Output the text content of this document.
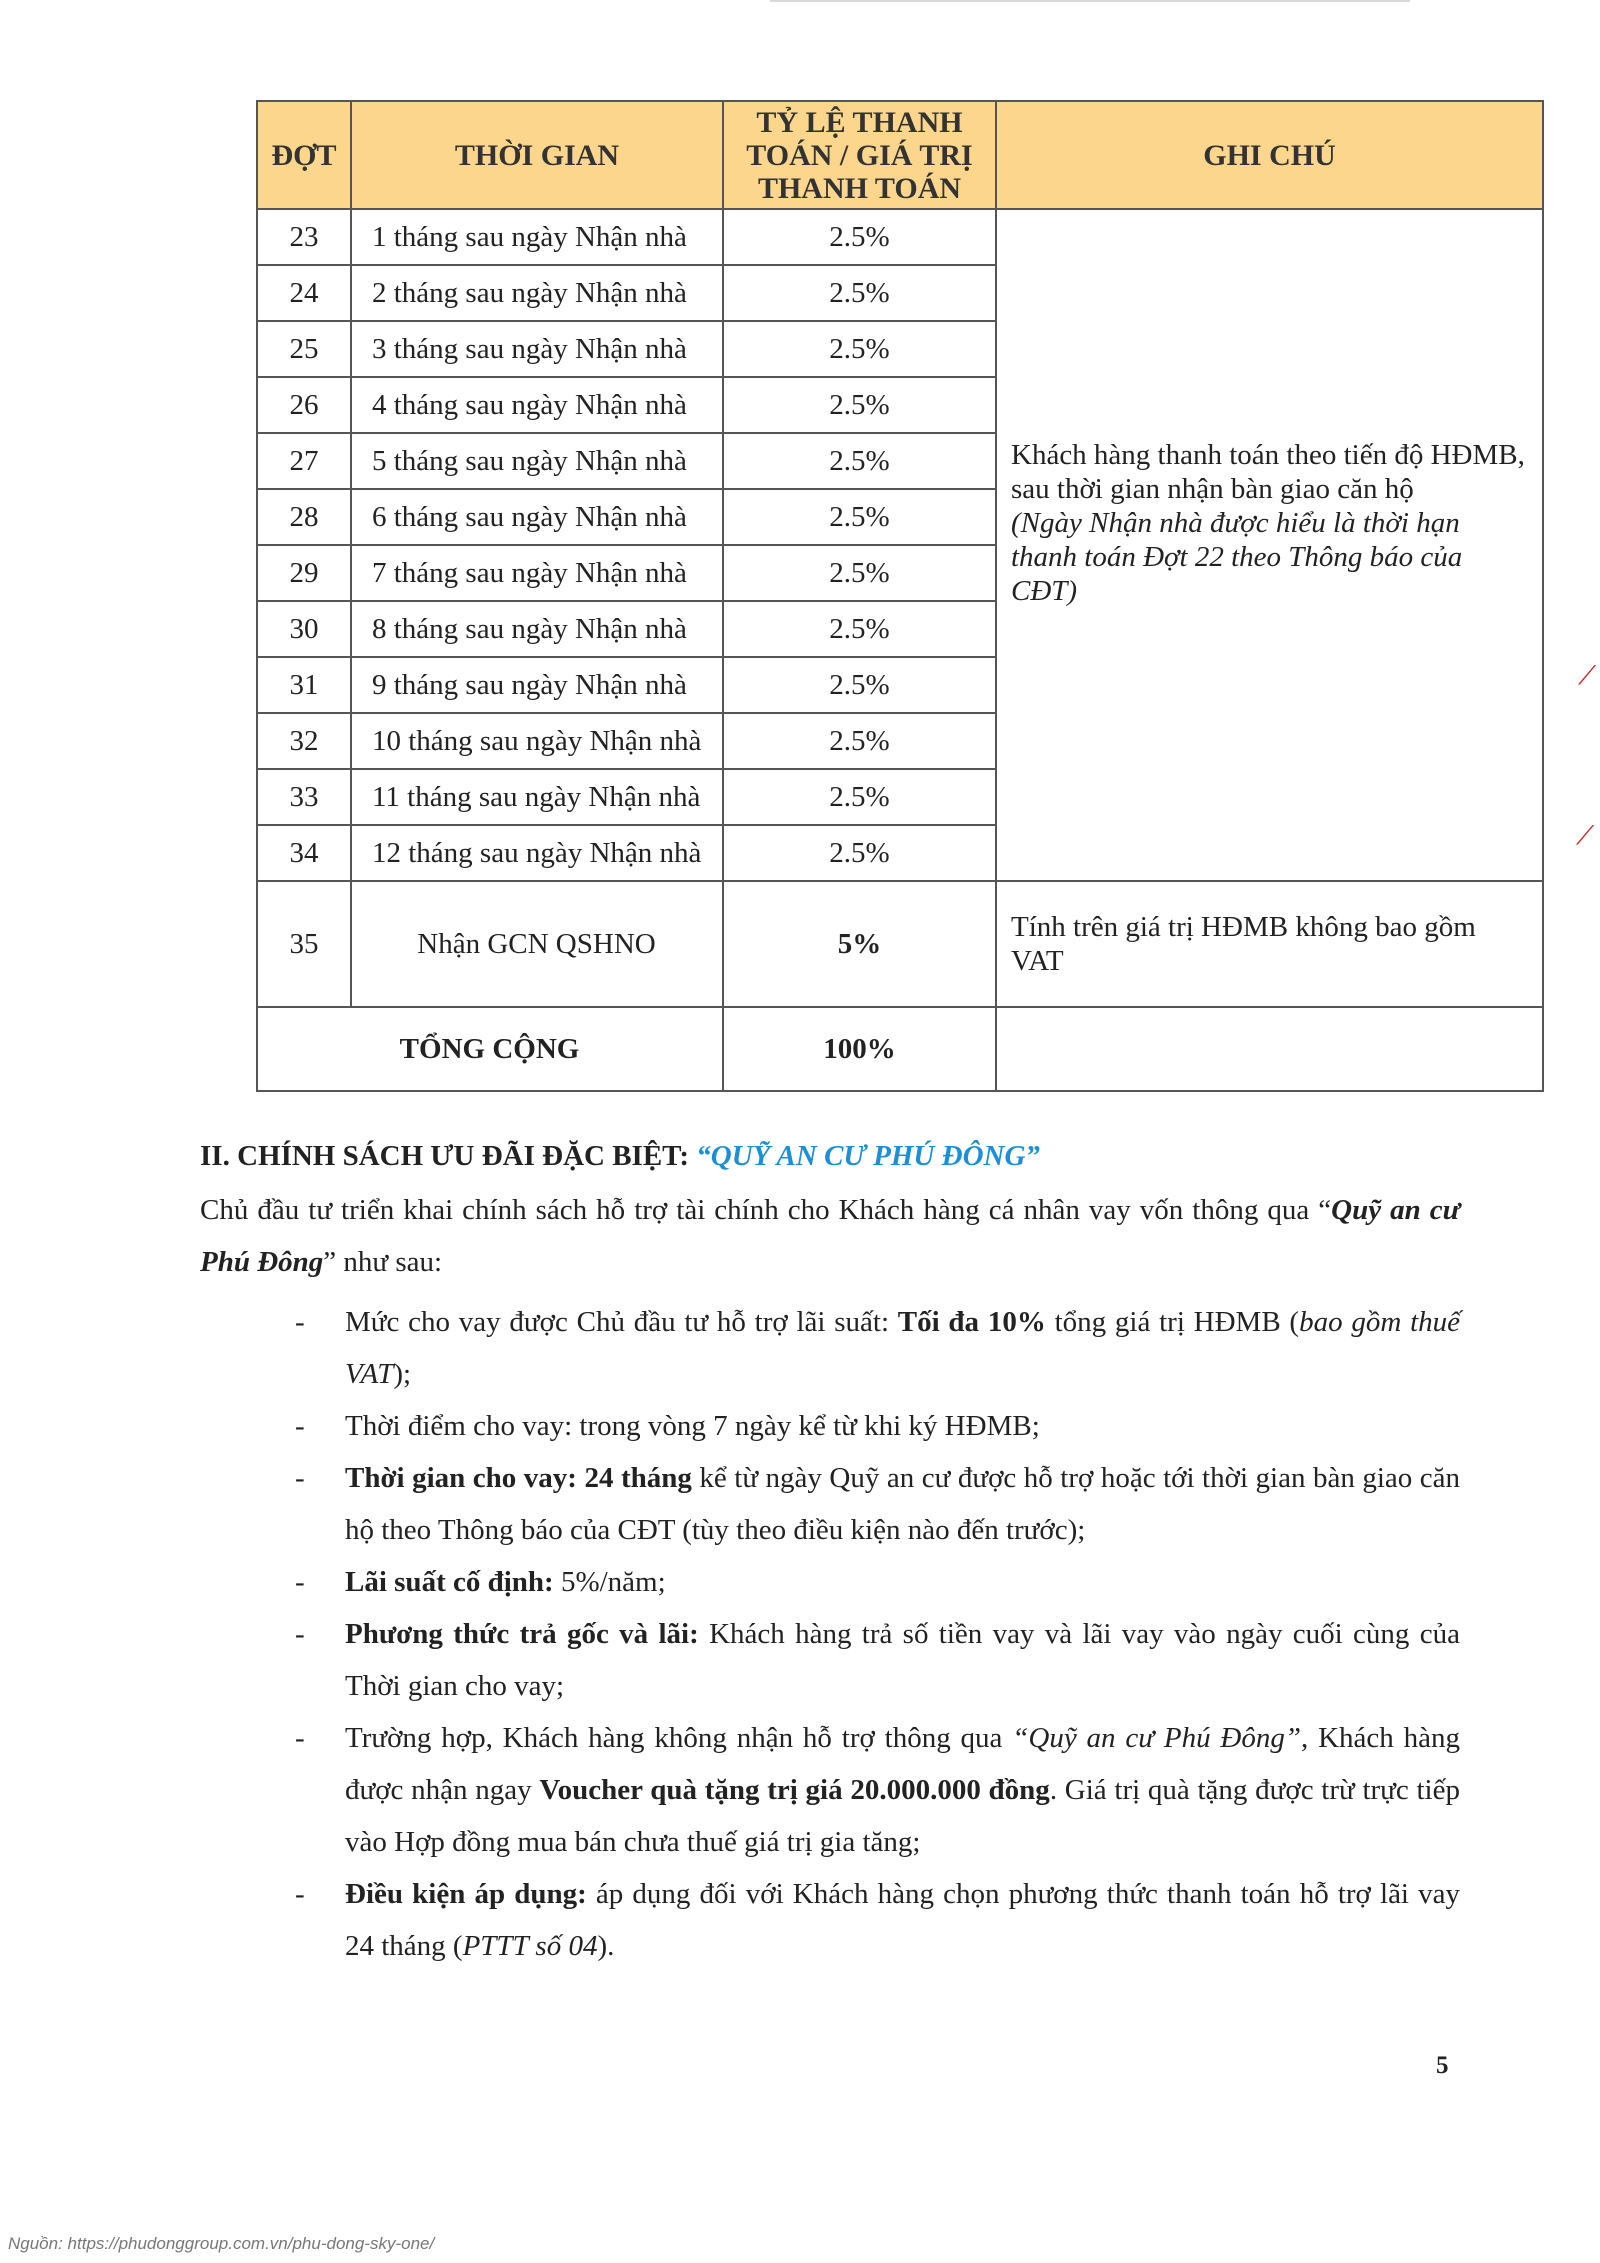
ĐỢT	THỜI GIAN	TỶ LỆ THANH TOÁN / GIÁ TRỊ THANH TOÁN	GHI CHÚ
23	1 tháng sau ngày Nhận nhà	2.5%	Khách hàng thanh toán theo tiến độ HĐMB, sau thời gian nhận bàn giao căn hộ
(Ngày Nhận nhà được hiểu là thời hạn thanh toán Đợt 22 theo Thông báo của CĐT)

24	2 tháng sau ngày Nhận nhà	2.5%	
25	3 tháng sau ngày Nhận nhà	2.5%	
26	4 tháng sau ngày Nhận nhà	2.5%	
27	5 tháng sau ngày Nhận nhà	2.5%	
28	6 tháng sau ngày Nhận nhà	2.5%	
29	7 tháng sau ngày Nhận nhà	2.5%	
30	8 tháng sau ngày Nhận nhà	2.5%	
31	9 tháng sau ngày Nhận nhà	2.5%	
32	10 tháng sau ngày Nhận nhà	2.5%	
33	11 tháng sau ngày Nhận nhà	2.5%	
34	12 tháng sau ngày Nhận nhà	2.5%	
35	Nhận GCN QSHNO	5%	Tính trên giá trị HĐMB không bao gồm VAT
TỔNG CỘNG		100%	
II. CHÍNH SÁCH ƯU ĐÃI ĐẶC BIỆT: “QUỸ AN CƯ PHÚ ĐÔNG”

Chủ đầu tư triển khai chính sách hỗ trợ tài chính cho Khách hàng cá nhân vay vốn thông qua “Quỹ an cư Phú Đông” như sau:

- Mức cho vay được Chủ đầu tư hỗ trợ lãi suất: Tối đa 10% tổng giá trị HĐMB (bao gồm thuế VAT);
- Thời điểm cho vay: trong vòng 7 ngày kể từ khi ký HĐMB;
- Thời gian cho vay: 24 tháng kể từ ngày Quỹ an cư được hỗ trợ hoặc tới thời gian bàn giao căn hộ theo Thông báo của CĐT (tùy theo điều kiện nào đến trước);
- Lãi suất cố định: 5%/năm;
- Phương thức trả gốc và lãi: Khách hàng trả số tiền vay và lãi vay vào ngày cuối cùng của Thời gian cho vay;
- Trường hợp, Khách hàng không nhận hỗ trợ thông qua “Quỹ an cư Phú Đông”, Khách hàng được nhận ngay Voucher quà tặng trị giá 20.000.000 đồng. Giá trị quà tặng được trừ trực tiếp vào Hợp đồng mua bán chưa thuế giá trị gia tăng;
- Điều kiện áp dụng: áp dụng đối với Khách hàng chọn phương thức thanh toán hỗ trợ lãi vay 24 tháng (PTTT số 04).
⟋
⟋
5
Nguồn: https://phudonggroup.com.vn/phu-dong-sky-one/
